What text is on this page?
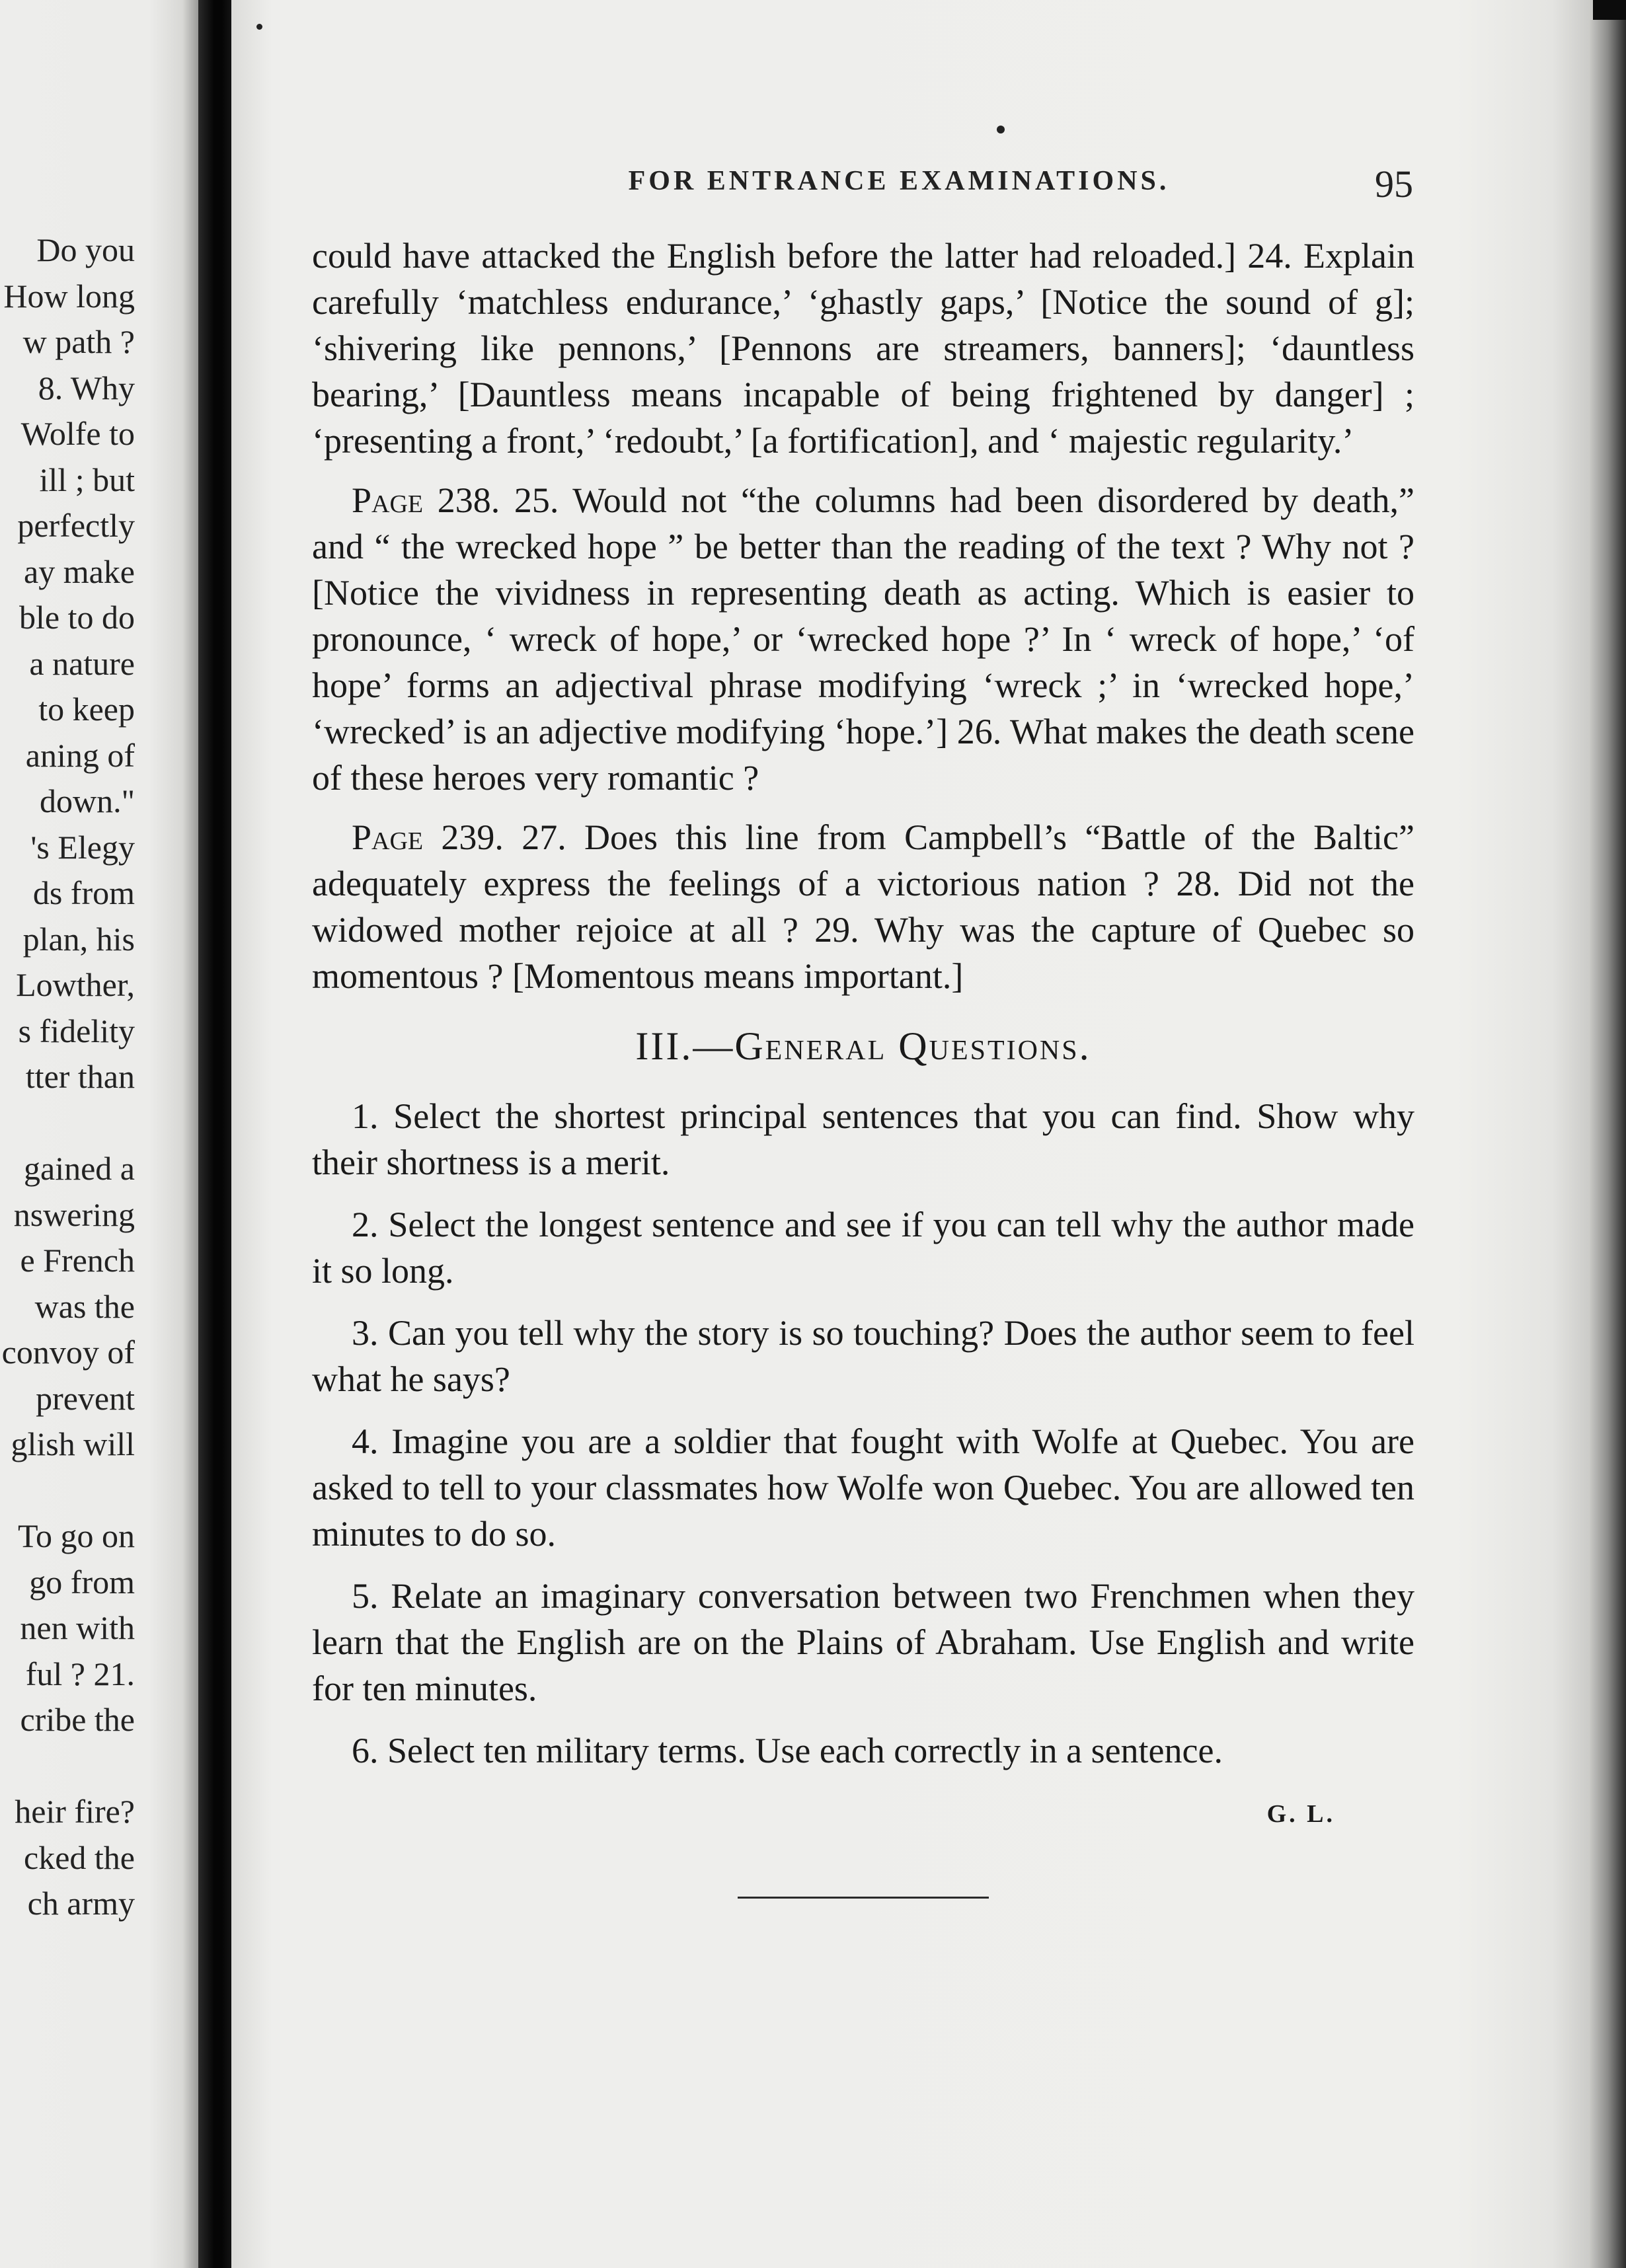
Do you
How long
w path ?
8. Why
Wolfe to
ill ; but
perfectly
ay make
ble to do
a nature
to keep
aning of
down."
's Elegy
ds from
plan, his
Lowther,
s fidelity
tter than
gained a
nswering
e French
was the
convoy of
prevent
glish will
To go on
go from
nen with
ful ? 21.
cribe the
heir fire?
cked the
ch army
FOR ENTRANCE EXAMINATIONS.	95

could have attacked the English before the latter had reloaded.] 24. Explain carefully ‘matchless endurance,’ ‘ghastly gaps,’ [Notice the sound of g]; ‘shivering like pennons,’ [Pennons are streamers, banners]; ‘dauntless bearing,’ [Dauntless means incapable of being frightened by danger] ; ‘presenting a front,’ ‘redoubt,’ [a fortification], and ‘ majestic regularity.’

Page 238. 25. Would not “the columns had been disordered by death,” and “ the wrecked hope ” be better than the reading of the text ? Why not ? [Notice the vividness in representing death as acting. Which is easier to pronounce, ‘ wreck of hope,’ or ‘wrecked hope ?’ In ‘ wreck of hope,’ ‘of hope’ forms an adjectival phrase modifying ‘wreck ;’ in ‘wrecked hope,’ ‘wrecked’ is an adjective modifying ‘hope.’] 26. What makes the death scene of these heroes very romantic ?

Page 239. 27. Does this line from Campbell’s “Battle of the Baltic” adequately express the feelings of a victorious nation ? 28. Did not the widowed mother rejoice at all ? 29. Why was the capture of Quebec so momentous ? [Momentous means important.]

III.—General Questions.

1. Select the shortest principal sentences that you can find. Show why their shortness is a merit.

2. Select the longest sentence and see if you can tell why the author made it so long.

3. Can you tell why the story is so touching? Does the author seem to feel what he says?

4. Imagine you are a soldier that fought with Wolfe at Quebec. You are asked to tell to your classmates how Wolfe won Quebec. You are allowed ten minutes to do so.

5. Relate an imaginary conversation between two Frenchmen when they learn that the English are on the Plains of Abraham. Use English and write for ten minutes.

6. Select ten military terms. Use each correctly in a sentence.

G. L.
